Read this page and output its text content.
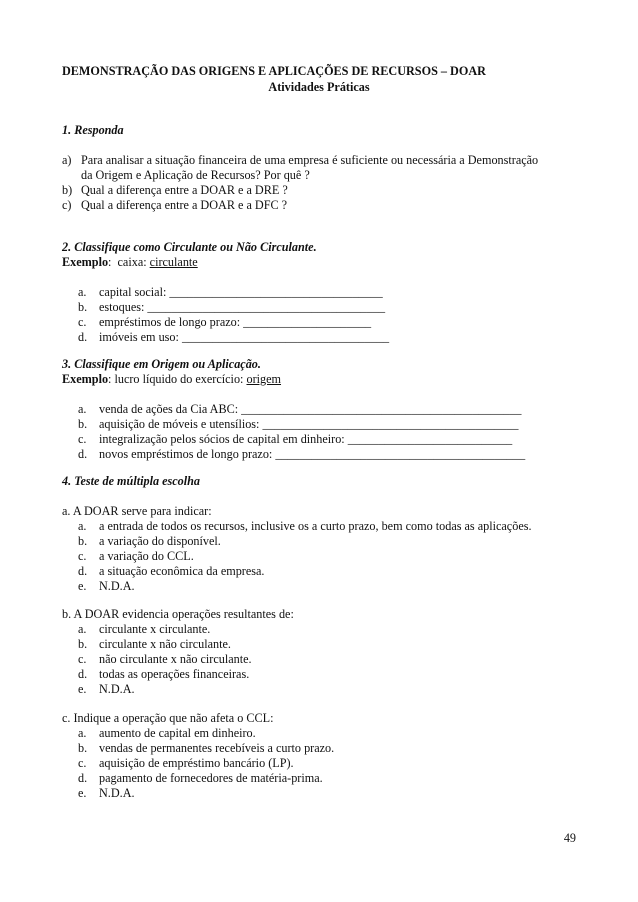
DEMONSTRAÇÃO DAS ORIGENS E APLICAÇÕES DE RECURSOS – DOAR
Atividades Práticas
1. Responda
a) Para analisar a situação financeira de uma empresa é suficiente ou necessária a Demonstração
da Origem e Aplicação de Recursos? Por quê ?
b) Qual a diferença entre a DOAR e a DRE ?
c) Qual a diferença entre a DOAR e a DFC ?
2. Classifique como Circulante ou Não Circulante.
Exemplo:  caixa: circulante
a. capital social: ___________________________________
b. estoques: _______________________________________
c. empréstimos de longo prazo: _____________________
d. imóveis em uso: __________________________________
3. Classifique em Origem ou Aplicação.
Exemplo: lucro líquido do exercício: origem
a. venda de ações da Cia ABC: ______________________________________________
b. aquisição de móveis e utensílios: __________________________________________
c. integralização pelos sócios de capital em dinheiro: ___________________________
d. novos empréstimos de longo prazo: _________________________________________
4. Teste de múltipla escolha
a. A DOAR serve para indicar:
a. a entrada de todos os recursos, inclusive os a curto prazo, bem como todas as aplicações.
b. a variação do disponível.
c. a variação do CCL.
d. a situação econômica da empresa.
e. N.D.A.
b. A DOAR evidencia operações resultantes de:
a. circulante x circulante.
b. circulante x não circulante.
c. não circulante x não circulante.
d. todas as operações financeiras.
e. N.D.A.
c. Indique a operação que não afeta o CCL:
a. aumento de capital em dinheiro.
b. vendas de permanentes recebíveis a curto prazo.
c. aquisição de empréstimo bancário (LP).
d. pagamento de fornecedores de matéria-prima.
e. N.D.A.
49
